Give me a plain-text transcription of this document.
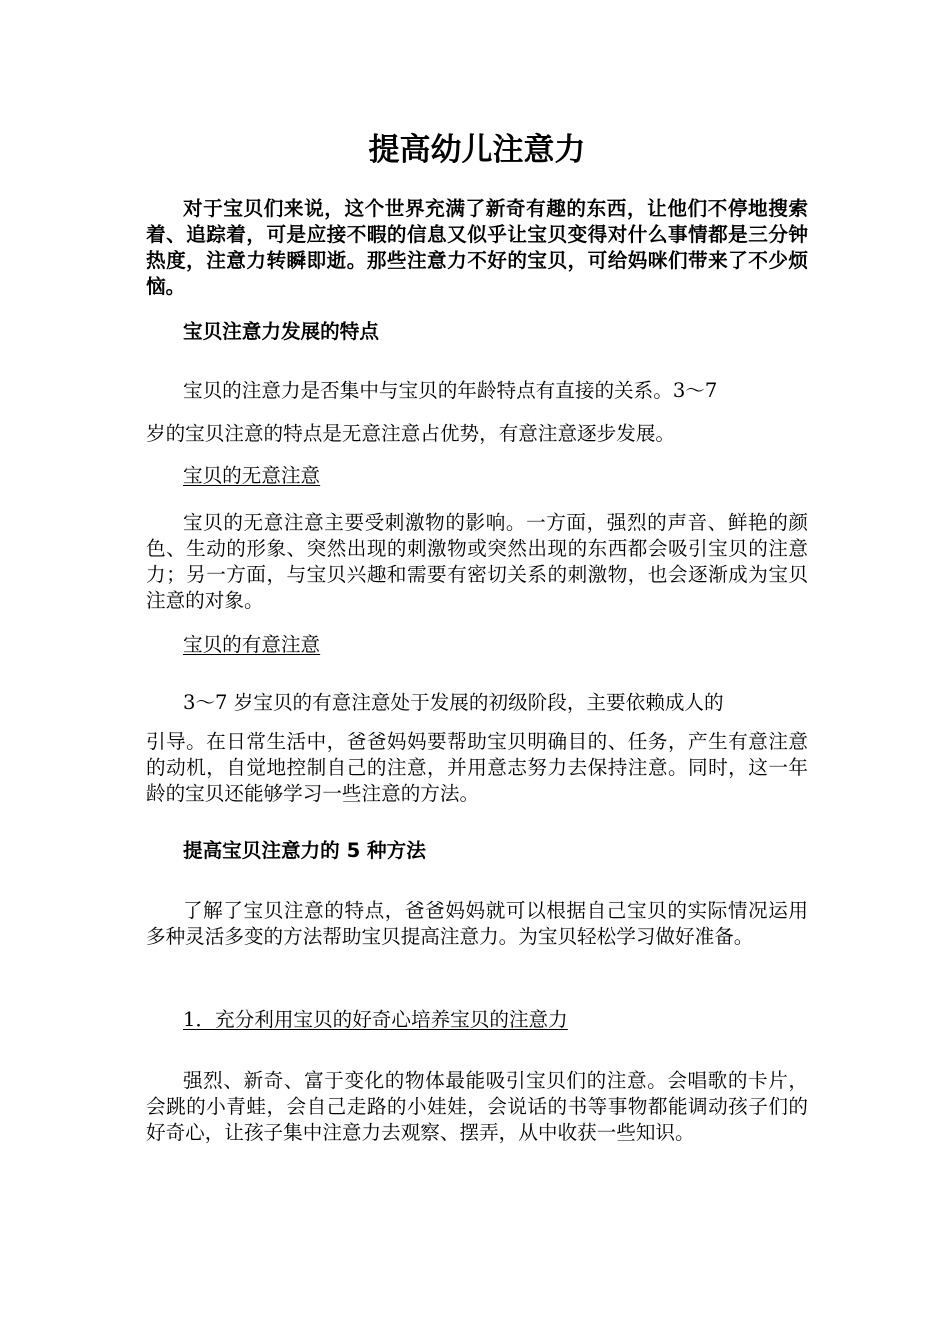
提高幼儿注意力

对于宝贝们来说，这个世界充满了新奇有趣的东西，让他们不停地搜索着、追踪着，可是应接不暇的信息又似乎让宝贝变得对什么事情都是三分钟热度，注意力转瞬即逝。那些注意力不好的宝贝，可给妈咪们带来了不少烦恼。

宝贝注意力发展的特点

宝贝的注意力是否集中与宝贝的年龄特点有直接的关系。3～7
岁的宝贝注意的特点是无意注意占优势，有意注意逐步发展。

宝贝的无意注意

宝贝的无意注意主要受刺激物的影响。一方面，强烈的声音、鲜艳的颜色、生动的形象、突然出现的刺激物或突然出现的东西都会吸引宝贝的注意力；另一方面，与宝贝兴趣和需要有密切关系的刺激物，也会逐渐成为宝贝注意的对象。

宝贝的有意注意

3～7 岁宝贝的有意注意处于发展的初级阶段，主要依赖成人的

引导。在日常生活中，爸爸妈妈要帮助宝贝明确目的、任务，产生有意注意的动机，自觉地控制自己的注意，并用意志努力去保持注意。同时，这一年龄的宝贝还能够学习一些注意的方法。

提高宝贝注意力的 5 种方法

了解了宝贝注意的特点，爸爸妈妈就可以根据自己宝贝的实际情况运用多种灵活多变的方法帮助宝贝提高注意力。为宝贝轻松学习做好准备。

1．充分利用宝贝的好奇心培养宝贝的注意力

强烈、新奇、富于变化的物体最能吸引宝贝们的注意。会唱歌的卡片，会跳的小青蛙，会自己走路的小娃娃，会说话的书等事物都能调动孩子们的好奇心，让孩子集中注意力去观察、摆弄，从中收获一些知识。
